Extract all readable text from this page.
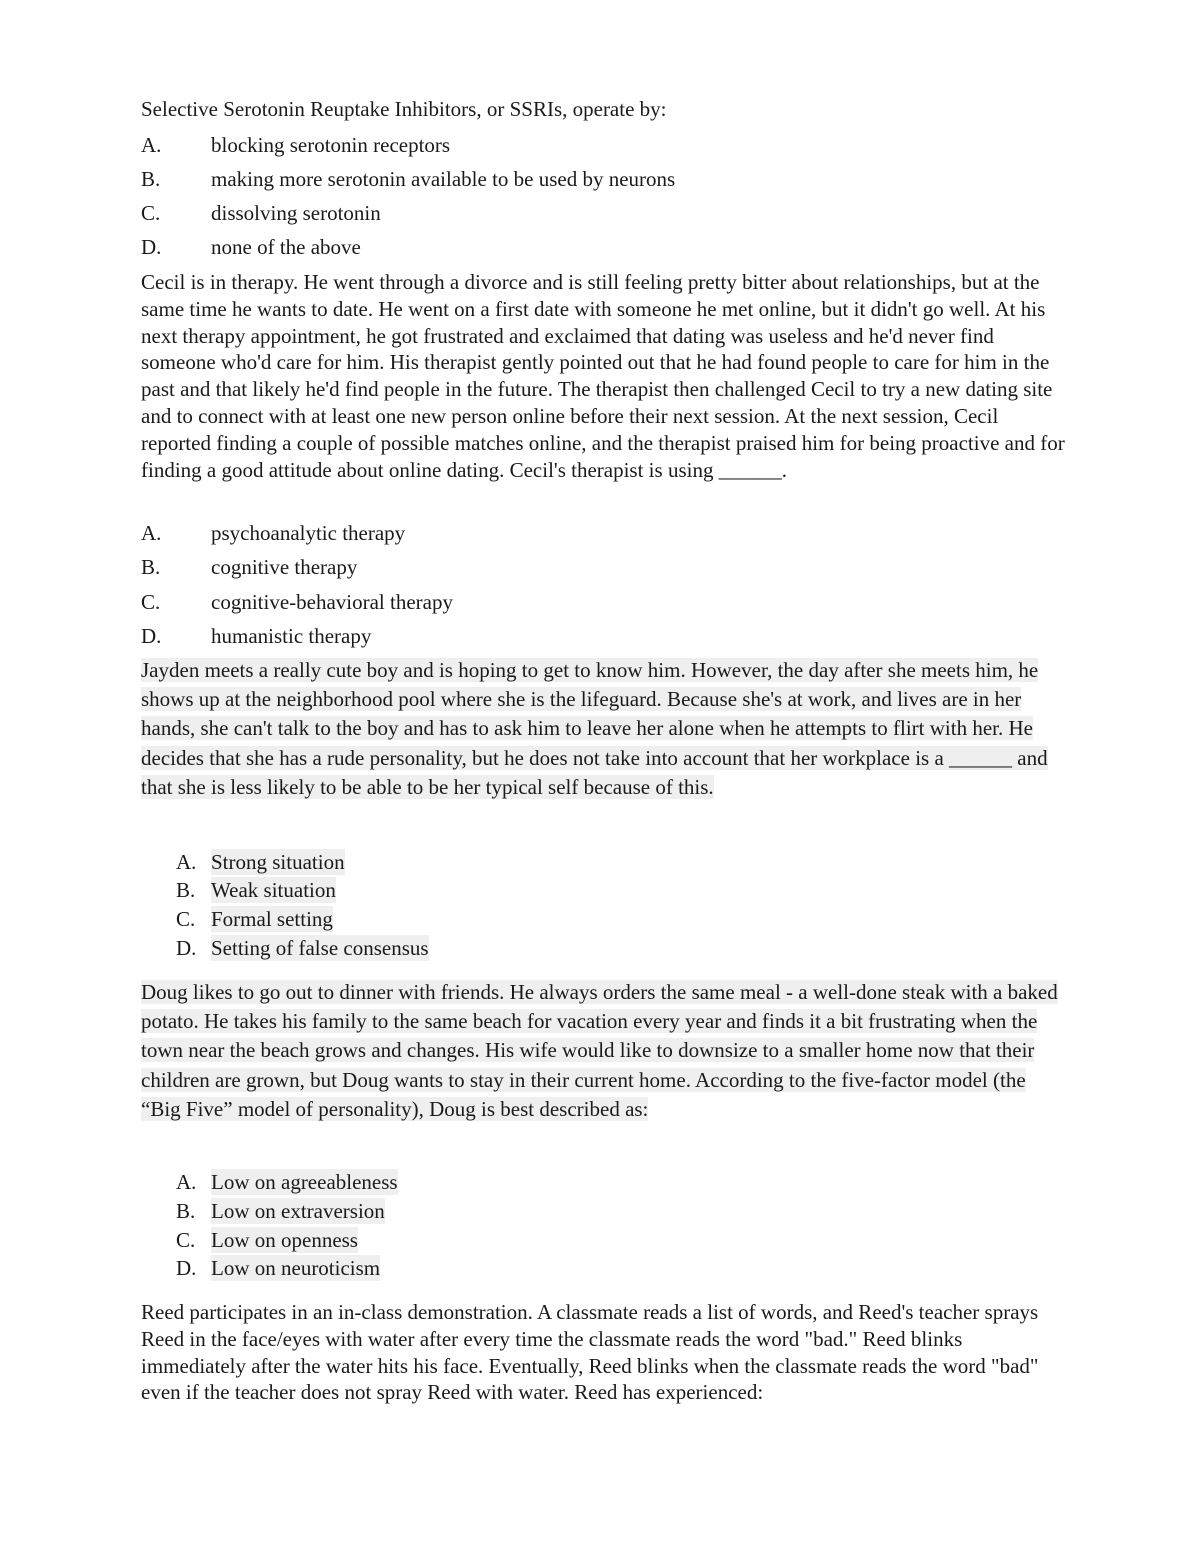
Selective Serotonin Reuptake Inhibitors, or SSRIs, operate by:

A. blocking serotonin receptors
B. making more serotonin available to be used by neurons
C. dissolving serotonin
D. none of the above

Cecil is in therapy. He went through a divorce and is still feeling pretty bitter about relationships, but at the same time he wants to date. He went on a first date with someone he met online, but it didn't go well. At his next therapy appointment, he got frustrated and exclaimed that dating was useless and he'd never find someone who'd care for him. His therapist gently pointed out that he had found people to care for him in the past and that likely he'd find people in the future. The therapist then challenged Cecil to try a new dating site and to connect with at least one new person online before their next session. At the next session, Cecil reported finding a couple of possible matches online, and the therapist praised him for being proactive and for finding a good attitude about online dating. Cecil's therapist is using ______.

A. psychoanalytic therapy
B. cognitive therapy
C. cognitive-behavioral therapy
D. humanistic therapy

Jayden meets a really cute boy and is hoping to get to know him. However, the day after she meets him, he shows up at the neighborhood pool where she is the lifeguard. Because she's at work, and lives are in her hands, she can't talk to the boy and has to ask him to leave her alone when he attempts to flirt with her. He decides that she has a rude personality, but he does not take into account that her workplace is a ______ and that she is less likely to be able to be her typical self because of this.

A. Strong situation
B. Weak situation
C. Formal setting
D. Setting of false consensus

Doug likes to go out to dinner with friends. He always orders the same meal - a well-done steak with a baked potato. He takes his family to the same beach for vacation every year and finds it a bit frustrating when the town near the beach grows and changes. His wife would like to downsize to a smaller home now that their children are grown, but Doug wants to stay in their current home. According to the five-factor model (the “Big Five” model of personality), Doug is best described as:

A. Low on agreeableness
B. Low on extraversion
C. Low on openness
D. Low on neuroticism

Reed participates in an in-class demonstration. A classmate reads a list of words, and Reed's teacher sprays Reed in the face/eyes with water after every time the classmate reads the word "bad." Reed blinks immediately after the water hits his face. Eventually, Reed blinks when the classmate reads the word "bad" even if the teacher does not spray Reed with water. Reed has experienced:
